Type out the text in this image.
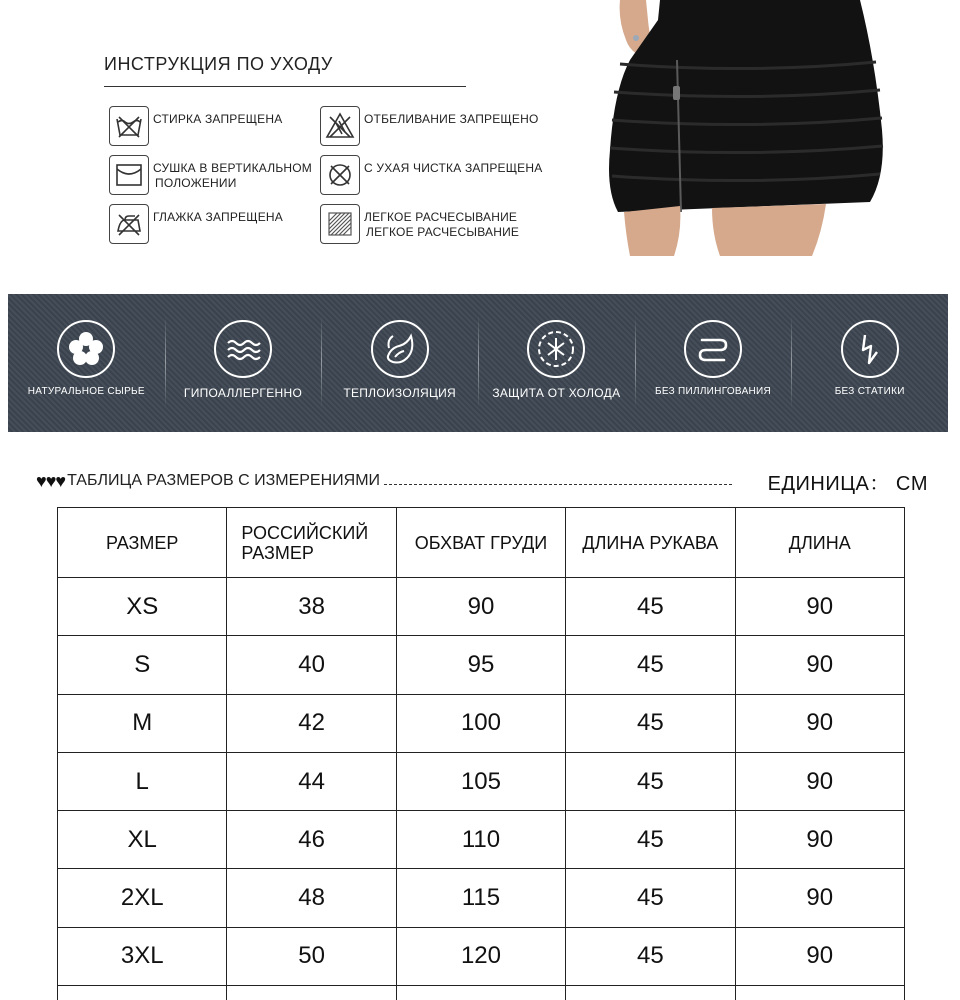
ИНСТРУКЦИЯ ПО УХОДУ
СТИРКА ЗАПРЕЩЕНА	ОТБЕЛИВАНИЕ ЗАПРЕЩЕНО
СУШКА В ВЕРТИКАЛЬНОМ
ПОЛОЖЕНИИ
С УХАЯ ЧИСТКА ЗАПРЕЩЕНА
ГЛАЖКА ЗАПРЕЩЕНА	ЛЕГКОЕ РАСЧЕСЫВАНИЕ
ЛЕГКОЕ РАСЧЕСЫВАНИЕ
НАТУРАЛЬНОЕ СЫРЬЕ	ГИПОАЛЛЕРГЕННО	ТЕПЛОИЗОЛЯЦИЯ	ЗАЩИТА ОТ ХОЛОДА	БЕЗ ПИЛЛИНГОВАНИЯ	БЕЗ СТАТИКИ
♥♥♥ ТАБЛИЦА РАЗМЕРОВ С ИЗМЕРЕНИЯМИ	ЕДИНИЦА： CM
РАЗМЕР	РОССИЙСКИЙ РАЗМЕР	ОБХВАТ ГРУДИ	ДЛИНА РУКАВА	ДЛИНА
XS	38	90	45	90
S	40	95	45	90
M	42	100	45	90
L	44	105	45	90
XL	46	110	45	90
2XL	48	115	45	90
3XL	50	120	45	90
